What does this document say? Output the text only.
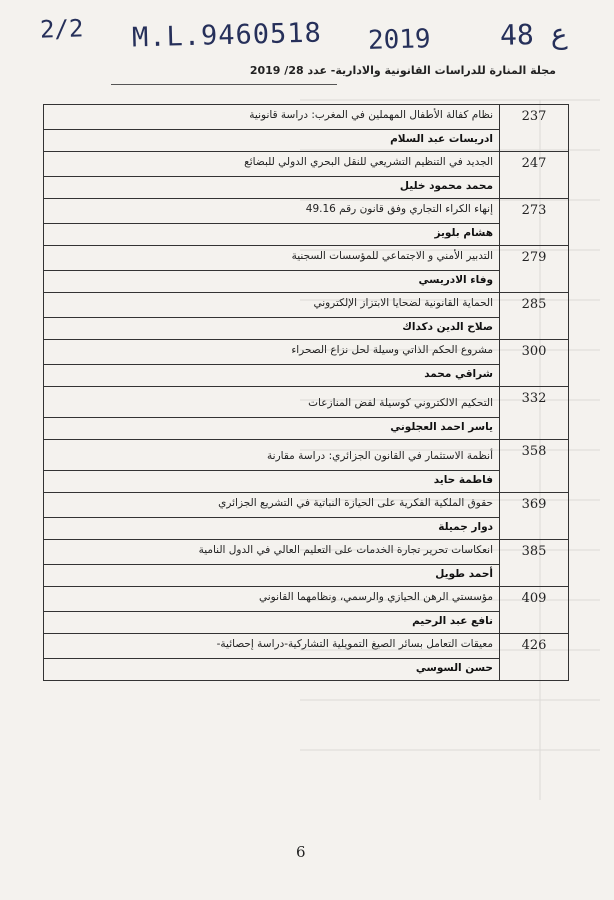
2/2 M.L.9460518 2019 ع 48
مجلة المنارة للدراسات القانونية والادارية- عدد 28/ 2019
نظام كفالة الأطفال المهملين في المغرب: دراسة قانونية
ادريسات عبد السلام	237

الجديد في التنظيم التشريعي للنقل البحري الدولي للبضائع
محمد محمود خليل	247

إنهاء الكراء التجاري وفق قانون رقم 49.16
هشام بلويز	273

التدبير الأمني و الاجتماعي للمؤسسات السجنية
وفاء الادريسي	279

الحماية القانونية لضحايا الابتزاز الإلكتروني
صلاح الدين دكداك	285

مشروع الحكم الذاتي وسيلة لحل نزاع الصحراء
شراقي محمد	300

التحكيم الالكتروني كوسيلة لفض المنازعات
ياسر احمد العجلوني	332

أنظمة الاستثمار في القانون الجزائري: دراسة مقارنة
فاطمة حايد	358

حقوق الملكية الفكرية على الحيازة النباتية في التشريع الجزائري
دوار جميلة	369

انعكاسات تحرير تجارة الخدمات على التعليم العالي في الدول النامية
أحمد طويل	385

مؤسستي الرهن الحيازي والرسمي، ونظامهما القانوني
نافع عبد الرحيم	409

معيقات التعامل بسائر الصيغ التمويلية التشاركية-دراسة إحصائية-
حسن السوسي	426
6
